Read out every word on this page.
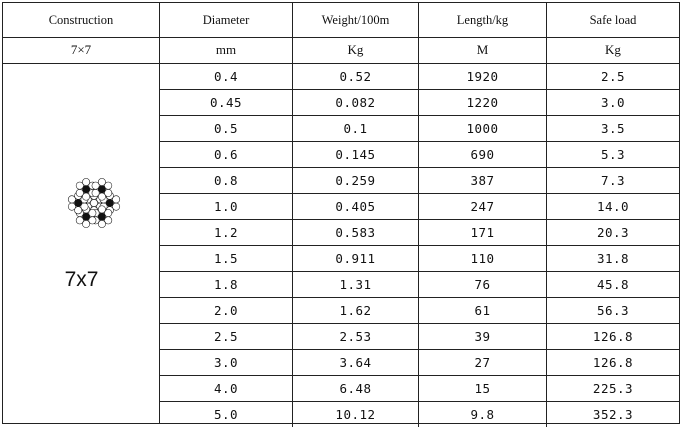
Construction	Diameter	Weight/100m	Length/kg	Safe load
7×7	mm	Kg	M	Kg
7x7
0.4	0.52	1920	2.5
0.45	0.082	1220	3.0
0.5	0.1	1000	3.5
0.6	0.145	690	5.3
0.8	0.259	387	7.3
1.0	0.405	247	14.0
1.2	0.583	171	20.3
1.5	0.911	110	31.8
1.8	1.31	76	45.8
2.0	1.62	61	56.3
2.5	2.53	39	126.8
3.0	3.64	27	126.8
4.0	6.48	15	225.3
5.0	10.12	9.8	352.3
